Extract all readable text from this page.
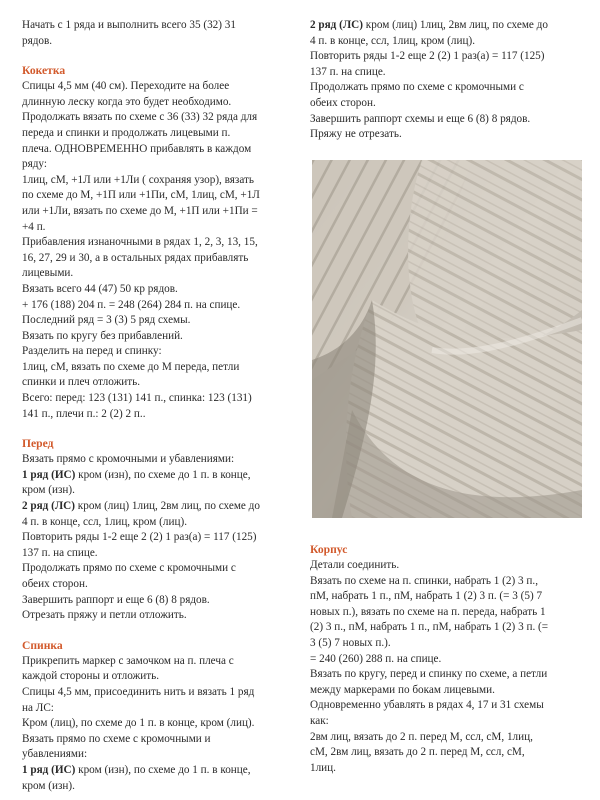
Начать с 1 ряда и выполнить всего 35 (32) 31

рядов.

Кокетка

Спицы 4,5 мм (40 см). Переходите на более

длинную леску когда это будет необходимо.

Продолжать вязать по схеме с 36 (33) 32 ряда для

переда и спинки и продолжать лицевыми п.

плеча. ОДНОВРЕМЕННО прибавлять в каждом

ряду:

1лиц, сМ, +1Л или +1Ли ( сохраняя узор), вязать

по схеме до М, +1П или +1Пи, сМ, 1лиц, сМ, +1Л

или +1Ли, вязать по схеме до М, +1П или +1Пи =

+4 п.

Прибавления изнаночными в рядах 1, 2, 3, 13, 15,

16, 27, 29 и 30, а в остальных рядах прибавлять

лицевыми.

Вязать всего 44 (47) 50 кр рядов.

+ 176 (188) 204 п. = 248 (264) 284 п. на спице.

Последний ряд = 3 (3) 5 ряд схемы.

Вязать по кругу без прибавлений.

Разделить на перед и спинку:

1лиц, сМ, вязать по схеме до М переда, петли

спинки и плеч отложить.

Всего: перед: 123 (131) 141 п., спинка: 123 (131)

141 п., плечи п.: 2 (2) 2 п..

Перед

Вязать прямо с кромочными и убавлениями:

1 ряд (ИС) кром (изн), по схеме до 1 п. в конце,

кром (изн).

2 ряд (ЛС) кром (лиц) 1лиц, 2вм лиц, по схеме до

4 п. в конце, ссл, 1лиц, кром (лиц).

Повторить ряды 1-2 еще 2 (2) 1 раз(а) = 117 (125)

137 п. на спице.

Продолжать прямо по схеме с кромочными с

обеих сторон.

Завершить раппорт и еще 6 (8) 8 рядов.

Отрезать пряжу и петли отложить.

Спинка

Прикрепить маркер с замочком на п. плеча с

каждой стороны и отложить.

Спицы 4,5 мм, присоединить нить и вязать 1 ряд

на ЛС:

Кром (лиц), по схеме до 1 п. в конце, кром (лиц).

Вязать прямо по схеме с кромочными и

убавлениями:

1 ряд (ИС) кром (изн), по схеме до 1 п. в конце,

кром (изн).

2 ряд (ЛС) кром (лиц) 1лиц, 2вм лиц, по схеме до

4 п. в конце, ссл, 1лиц, кром (лиц).

Повторить ряды 1-2 еще 2 (2) 1 раз(а) = 117 (125)

137 п. на спице.

Продолжать прямо по схеме с кромочными с

обеих сторон.

Завершить раппорт схемы и еще 6 (8) 8 рядов.

Пряжу не отрезать.

Корпус

Детали соединить.

Вязать по схеме на п. спинки, набрать 1 (2) 3 п.,

пМ, набрать 1 п., пМ, набрать 1 (2) 3 п. (= 3 (5) 7

новых п.), вязать по схеме на п. переда, набрать 1

(2) 3 п., пМ, набрать 1 п., пМ, набрать 1 (2) 3 п. (=

3 (5) 7 новых п.).

= 240 (260) 288 п. на спице.

Вязать по кругу, перед и спинку по схеме, а петли

между маркерами по бокам лицевыми.

Одновременно убавлять в рядах 4, 17 и 31 схемы

как:

2вм лиц, вязать до 2 п. перед М, ссл, сМ, 1лиц,

сМ, 2вм лиц, вязать до 2 п. перед М, ссл, сМ,

1лиц.
